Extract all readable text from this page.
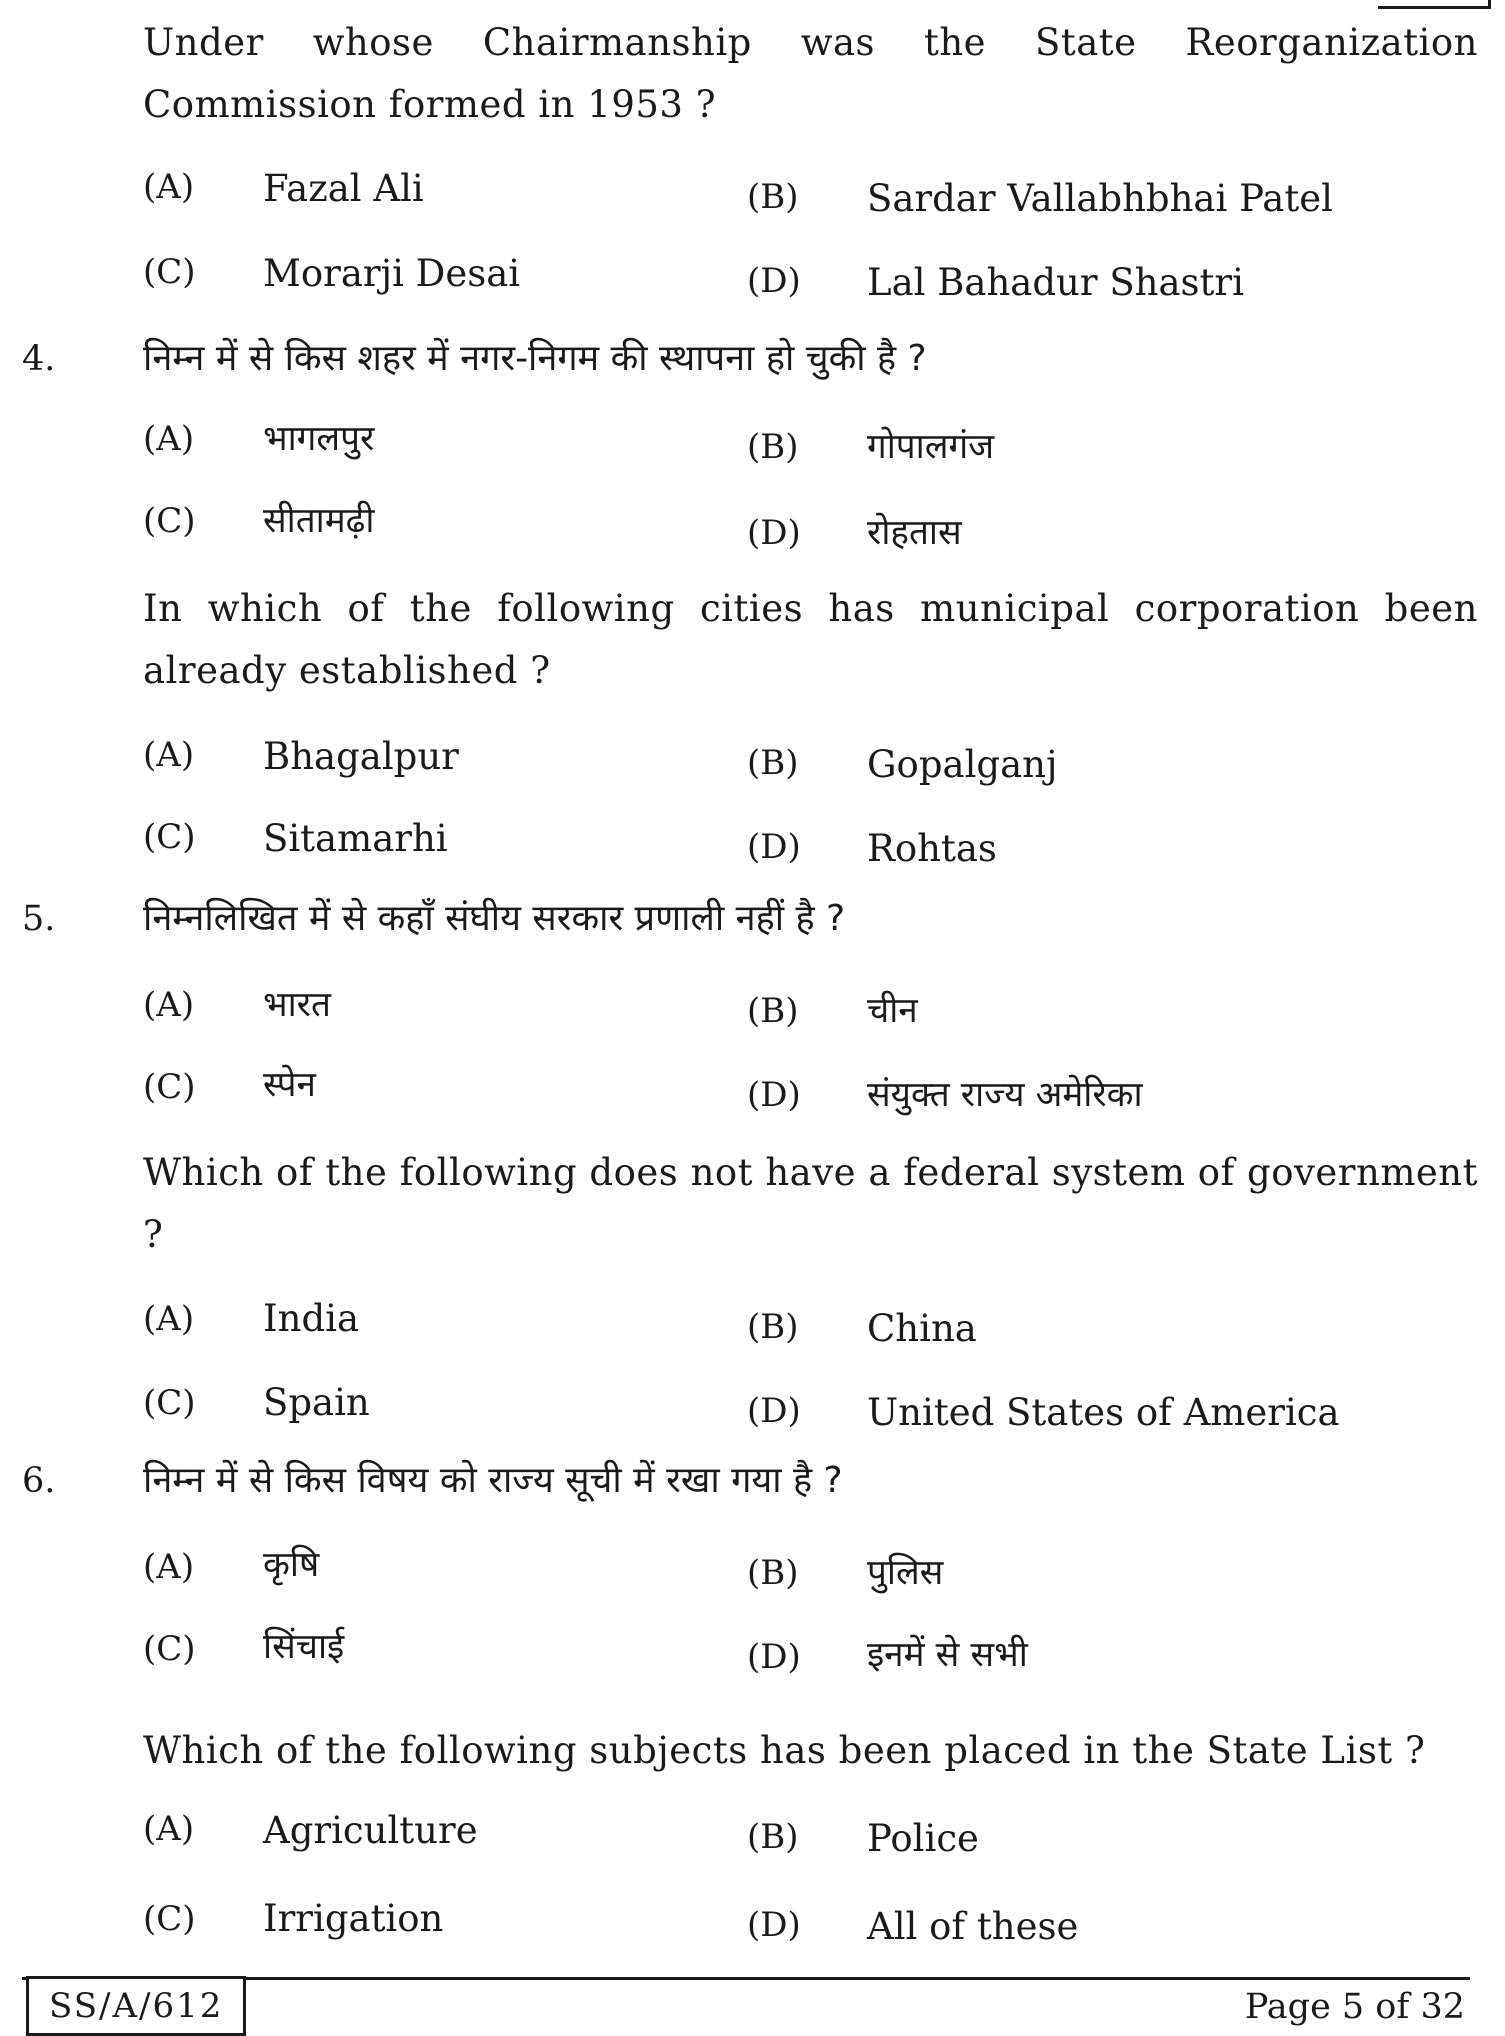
Under whose Chairmanship was the State Reorganization Commission formed in 1953 ?
(A) Fazal Ali	(B) Sardar Vallabhbhai Patel
(C) Morarji Desai	(D) Lal Bahadur Shastri
4. निम्न में से किस शहर में नगर-निगम की स्थापना हो चुकी है ?
(A) भागलपुर	(B) गोपालगंज
(C) सीतामढ़ी	(D) रोहतास
In which of the following cities has municipal corporation been already established ?
(A) Bhagalpur	(B) Gopalganj
(C) Sitamarhi	(D) Rohtas
5. निम्नलिखित में से कहाँ संघीय सरकार प्रणाली नहीं है ?
(A) भारत	(B) चीन
(C) स्पेन	(D) संयुक्त राज्य अमेरिका
Which of the following does not have a federal system of government ?
(A) India	(B) China
(C) Spain	(D) United States of America
6. निम्न में से किस विषय को राज्य सूची में रखा गया है ?
(A) कृषि	(B) पुलिस
(C) सिंचाई	(D) इनमें से सभी
Which of the following subjects has been placed in the State List ?
(A) Agriculture	(B) Police
(C) Irrigation	(D) All of these
SS/A/612	Page 5 of 32
